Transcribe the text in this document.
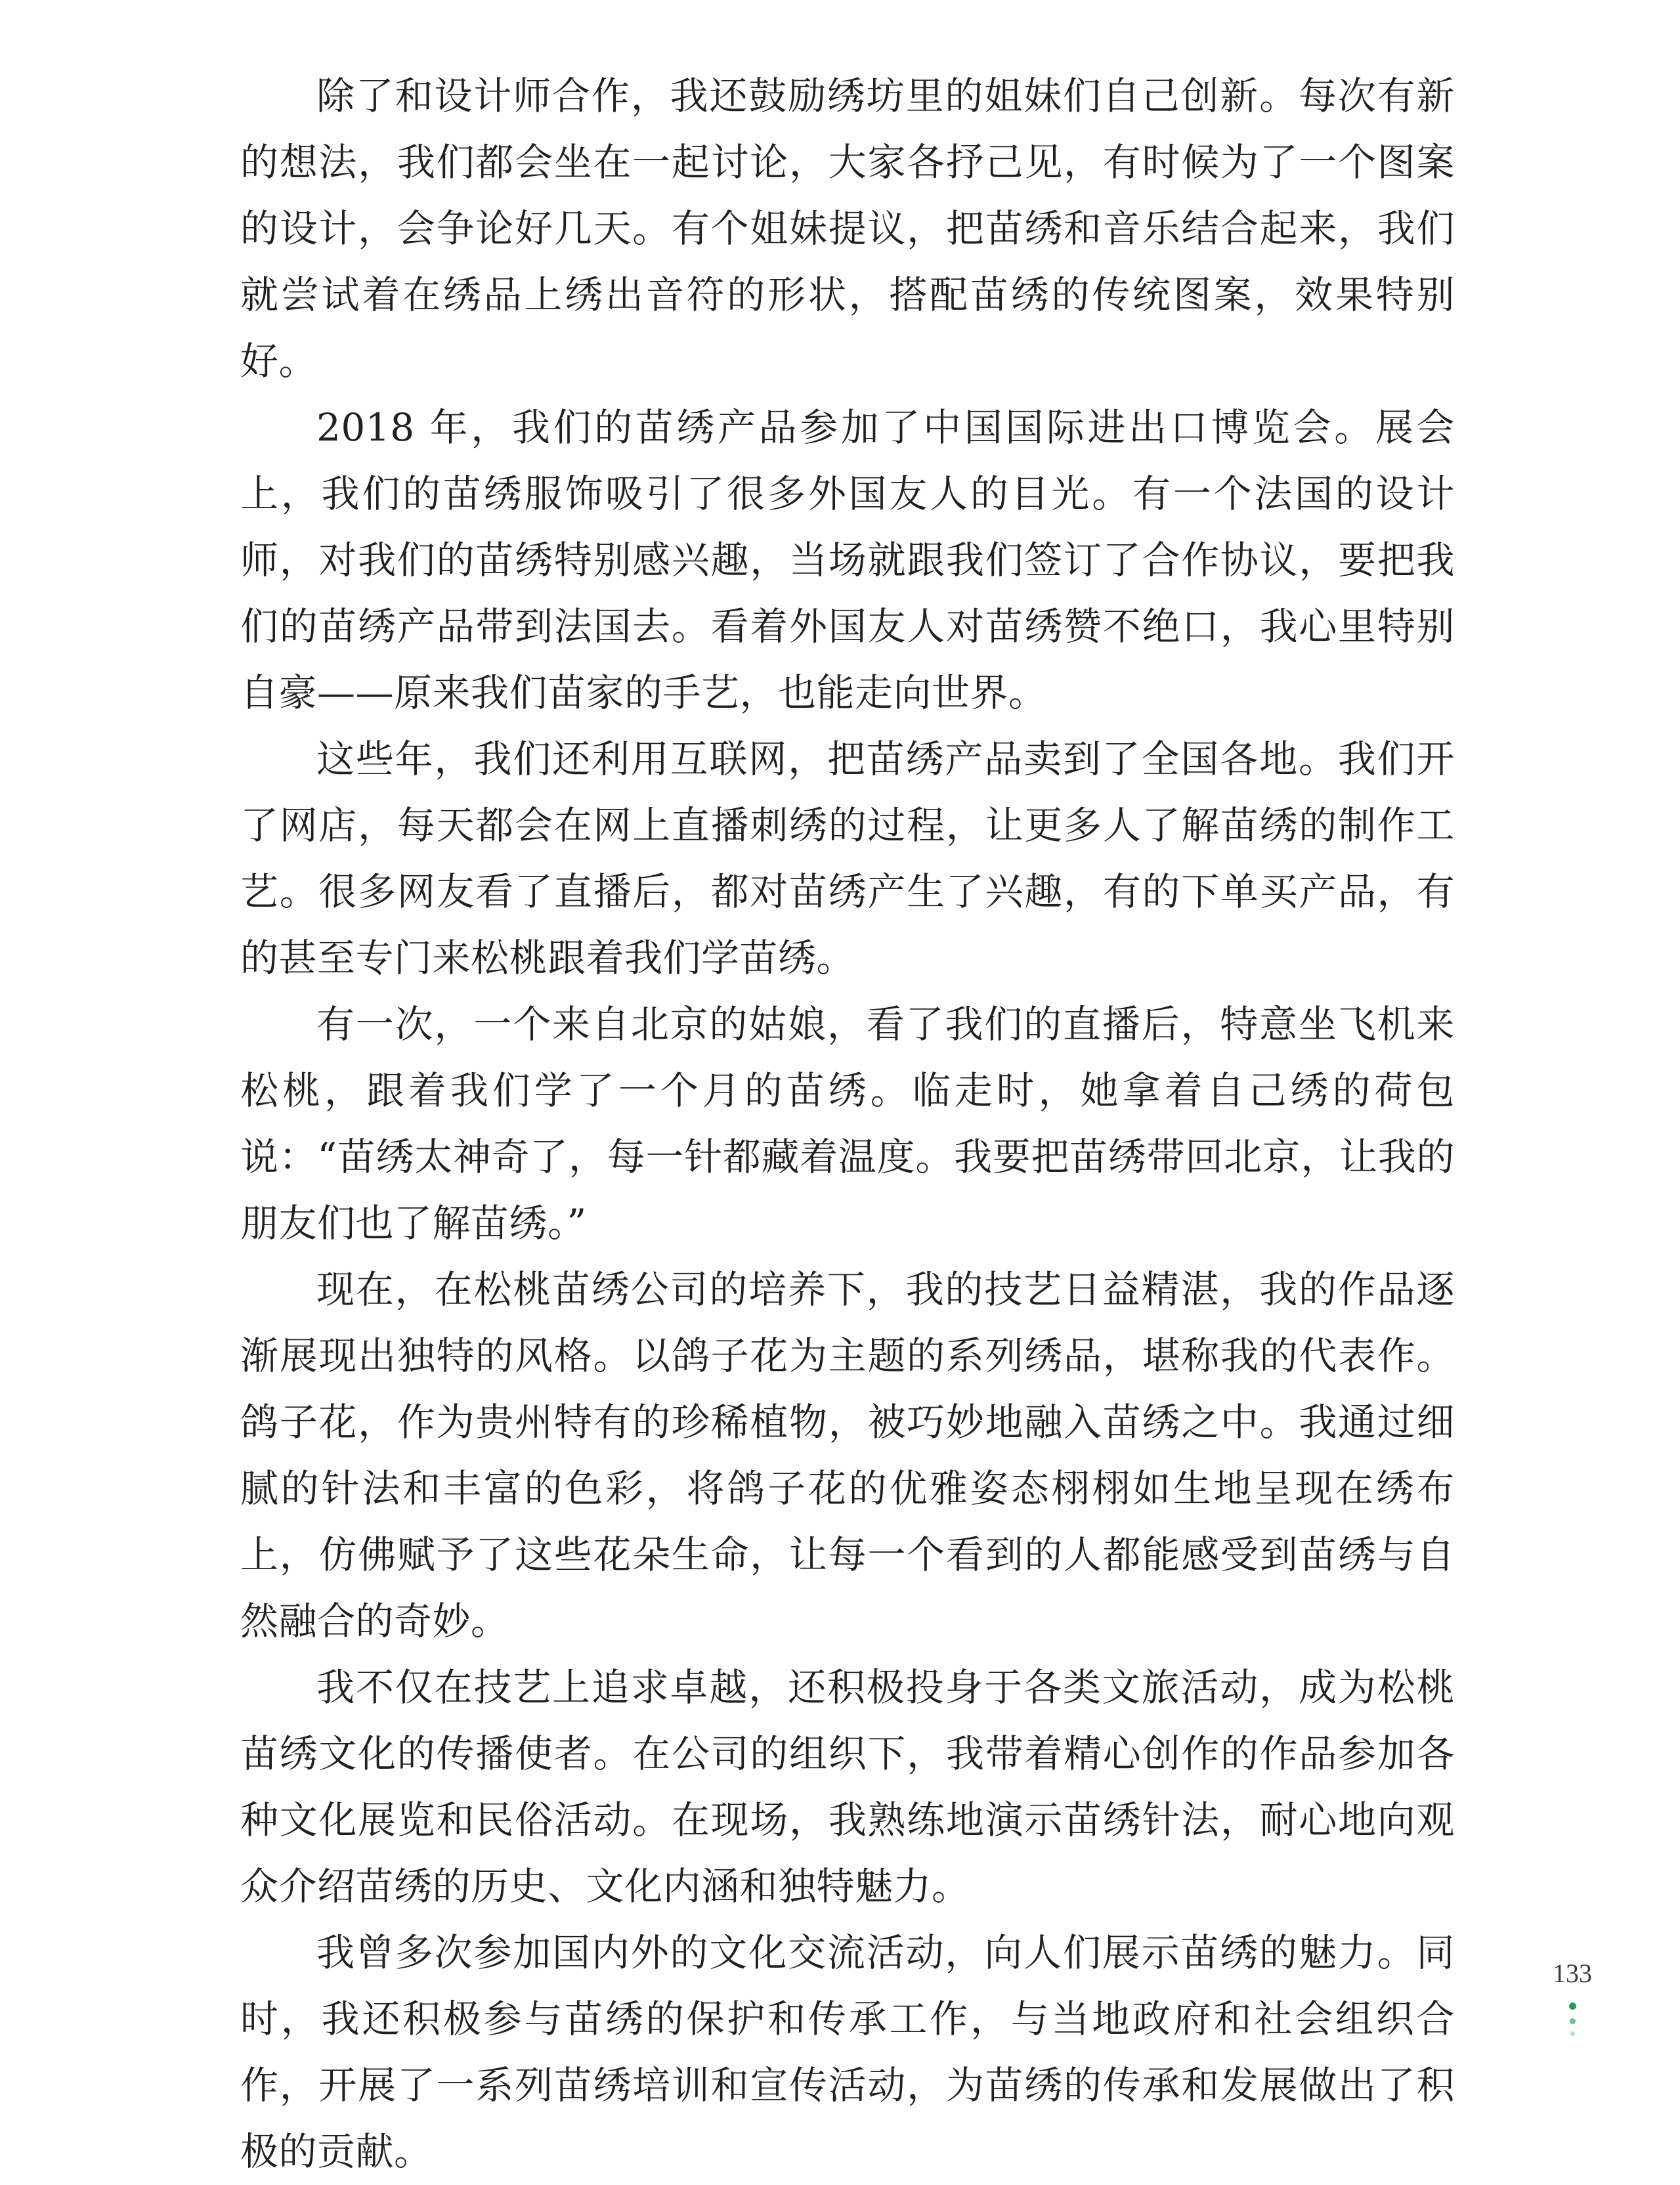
除了和设计师合作，我还鼓励绣坊里的姐妹们自己创新。每次有新的想法，我们都会坐在一起讨论，大家各抒己见，有时候为了一个图案的设计，会争论好几天。有个姐妹提议，把苗绣和音乐结合起来，我们就尝试着在绣品上绣出音符的形状，搭配苗绣的传统图案，效果特别好。

2018 年，我们的苗绣产品参加了中国国际进出口博览会。展会上，我们的苗绣服饰吸引了很多外国友人的目光。有一个法国的设计师，对我们的苗绣特别感兴趣，当场就跟我们签订了合作协议，要把我们的苗绣产品带到法国去。看着外国友人对苗绣赞不绝口，我心里特别自豪——原来我们苗家的手艺，也能走向世界。

这些年，我们还利用互联网，把苗绣产品卖到了全国各地。我们开了网店，每天都会在网上直播刺绣的过程，让更多人了解苗绣的制作工艺。很多网友看了直播后，都对苗绣产生了兴趣，有的下单买产品，有的甚至专门来松桃跟着我们学苗绣。

有一次，一个来自北京的姑娘，看了我们的直播后，特意坐飞机来松桃，跟着我们学了一个月的苗绣。临走时，她拿着自己绣的荷包说：“苗绣太神奇了，每一针都藏着温度。我要把苗绣带回北京，让我的朋友们也了解苗绣。”

现在，在松桃苗绣公司的培养下，我的技艺日益精湛，我的作品逐渐展现出独特的风格。以鸽子花为主题的系列绣品，堪称我的代表作。鸽子花，作为贵州特有的珍稀植物，被巧妙地融入苗绣之中。我通过细腻的针法和丰富的色彩，将鸽子花的优雅姿态栩栩如生地呈现在绣布上，仿佛赋予了这些花朵生命，让每一个看到的人都能感受到苗绣与自然融合的奇妙。

我不仅在技艺上追求卓越，还积极投身于各类文旅活动，成为松桃苗绣文化的传播使者。在公司的组织下，我带着精心创作的作品参加各种文化展览和民俗活动。在现场，我熟练地演示苗绣针法，耐心地向观众介绍苗绣的历史、文化内涵和独特魅力。

我曾多次参加国内外的文化交流活动，向人们展示苗绣的魅力。同时，我还积极参与苗绣的保护和传承工作，与当地政府和社会组织合作，开展了一系列苗绣培训和宣传活动，为苗绣的传承和发展做出了积极的贡献。

133
